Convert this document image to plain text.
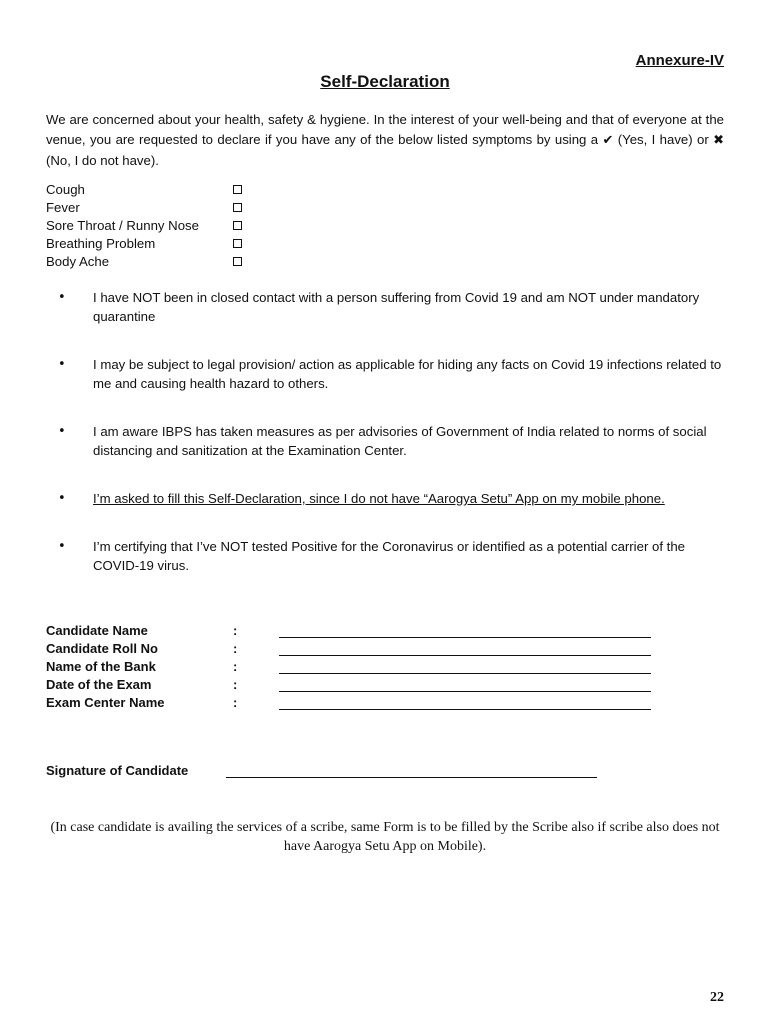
Annexure-IV
Self-Declaration
We are concerned about your health, safety & hygiene. In the interest of your well-being and that of everyone at the venue, you are requested to declare if you have any of the below listed symptoms by using a ✔ (Yes, I have) or ✖ (No, I do not have).
Cough
Fever
Sore Throat / Runny Nose
Breathing Problem
Body Ache
• I have NOT been in closed contact with a person suffering from Covid 19 and am NOT under mandatory quarantine
• I may be subject to legal provision/ action as applicable for hiding any facts on Covid 19 infections related to me and causing health hazard to others.
• I am aware IBPS has taken measures as per advisories of Government of India related to norms of social distancing and sanitization at the Examination Center.
• I’m asked to fill this Self-Declaration, since I do not have “Aarogya Setu” App on my mobile phone.
• I’m certifying that I’ve NOT tested Positive for the Coronavirus or identified as a potential carrier of the COVID-19 virus.
Candidate Name	:
Candidate Roll No	:
Name of the Bank	:
Date of the Exam	:
Exam Center Name	:
Signature of Candidate
(In case candidate is availing the services of a scribe, same Form is to be filled by the Scribe also if scribe also does not have Aarogya Setu App on Mobile).
22
